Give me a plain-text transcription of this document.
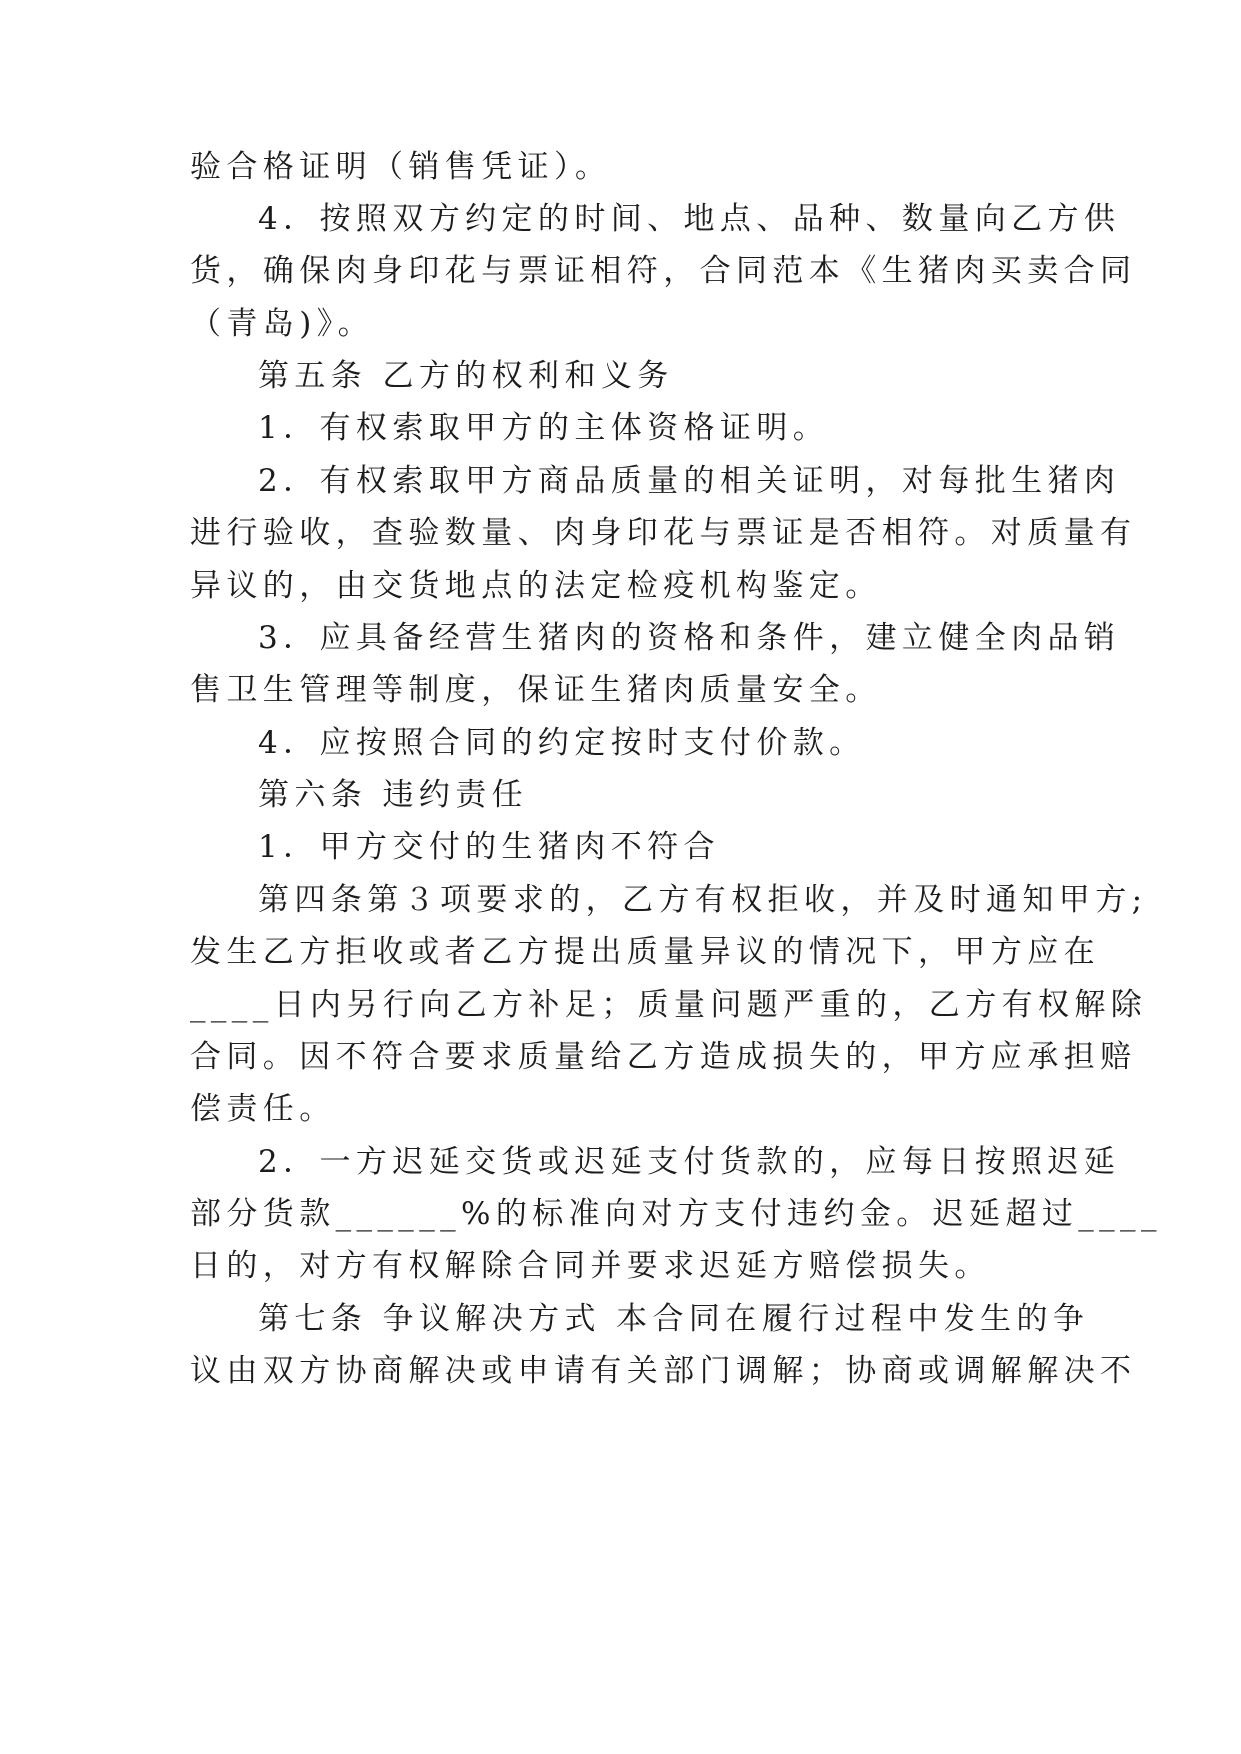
验合格证明（销售凭证）。

4．按照双方约定的时间、地点、品种、数量向乙方供

货，确保肉身印花与票证相符，合同范本《生猪肉买卖合同

（青岛)》。

第五条 乙方的权利和义务

1．有权索取甲方的主体资格证明。

2．有权索取甲方商品质量的相关证明，对每批生猪肉

进行验收，查验数量、肉身印花与票证是否相符。对质量有

异议的，由交货地点的法定检疫机构鉴定。

3．应具备经营生猪肉的资格和条件，建立健全肉品销

售卫生管理等制度，保证生猪肉质量安全。

4．应按照合同的约定按时支付价款。

第六条 违约责任

1．甲方交付的生猪肉不符合

第四条第３项要求的，乙方有权拒收，并及时通知甲方;

发生乙方拒收或者乙方提出质量异议的情况下，甲方应在

____日内另行向乙方补足；质量问题严重的，乙方有权解除

合同。因不符合要求质量给乙方造成损失的，甲方应承担赔

偿责任。

2．一方迟延交货或迟延支付货款的，应每日按照迟延

部分货款______%的标准向对方支付违约金。迟延超过____

日的，对方有权解除合同并要求迟延方赔偿损失。

第七条 争议解决方式 本合同在履行过程中发生的争

议由双方协商解决或申请有关部门调解；协商或调解解决不
